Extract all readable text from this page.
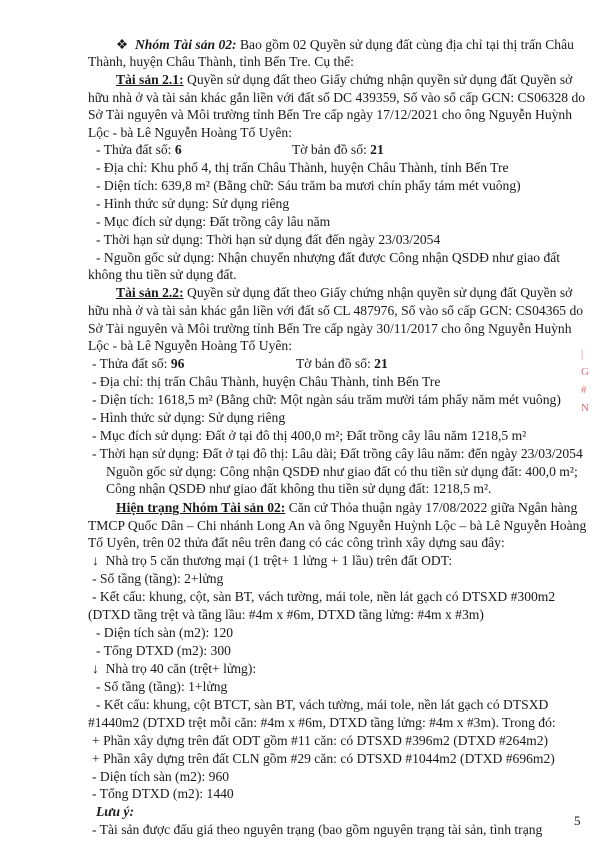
❖ Nhóm Tài sản 02: Bao gồm 02 Quyền sử dụng đất cùng địa chỉ tại thị trấn Châu
Thành, huyện Châu Thành, tỉnh Bến Tre. Cụ thể:
Tài sản 2.1: Quyền sử dụng đất theo Giấy chứng nhận quyền sử dụng đất Quyền sở
hữu nhà ở và tài sản khác gắn liền với đất số DC 439359, Số vào sổ cấp GCN: CS06328 do
Sở Tài nguyên và Môi trường tỉnh Bến Tre cấp ngày 17/12/2021 cho ông Nguyễn Huỳnh
Lộc - bà Lê Nguyễn Hoàng Tố Uyên:
- Thửa đất số: 6	Tờ bản đồ số: 21
- Địa chỉ: Khu phố 4, thị trấn Châu Thành, huyện Châu Thành, tỉnh Bến Tre
- Diện tích: 639,8 m² (Bằng chữ: Sáu trăm ba mươi chín phẩy tám mét vuông)
- Hình thức sử dụng: Sử dụng riêng
- Mục đích sử dụng: Đất trồng cây lâu năm
- Thời hạn sử dụng: Thời hạn sử dụng đất đến ngày 23/03/2054
- Nguồn gốc sử dụng: Nhận chuyển nhượng đất được Công nhận QSDĐ như giao đất
không thu tiền sử dụng đất.
Tài sản 2.2: Quyền sử dụng đất theo Giấy chứng nhận quyền sử dụng đất Quyền sở
hữu nhà ở và tài sản khác gắn liền với đất số CL 487976, Số vào sổ cấp GCN: CS04365 do
Sở Tài nguyên và Môi trường tỉnh Bến Tre cấp ngày 30/11/2017 cho ông Nguyễn Huỳnh
Lộc - bà Lê Nguyễn Hoàng Tố Uyên:
- Thửa đất số: 96	Tờ bản đồ số: 21
- Địa chỉ: thị trấn Châu Thành, huyện Châu Thành, tỉnh Bến Tre
- Diện tích: 1618,5 m² (Bằng chữ: Một ngàn sáu trăm mười tám phẩy năm mét vuông)
- Hình thức sử dụng: Sử dụng riêng
- Mục đích sử dụng: Đất ở tại đô thị 400,0 m²; Đất trồng cây lâu năm 1218,5 m²
- Thời hạn sử dụng: Đất ở tại đô thị: Lâu dài; Đất trồng cây lâu năm: đến ngày 23/03/2054
Nguồn gốc sử dụng: Công nhận QSDĐ như giao đất có thu tiền sử dụng đất: 400,0 m²;
Công nhận QSDĐ như giao đất không thu tiền sử dụng đất: 1218,5 m².
Hiện trạng Nhóm Tài sản 02: Căn cứ Thỏa thuận ngày 17/08/2022 giữa Ngân hàng
TMCP Quốc Dân – Chi nhánh Long An và ông Nguyễn Huỳnh Lộc – bà Lê Nguyễn Hoàng
Tố Uyên, trên 02 thửa đất nêu trên đang có các công trình xây dựng sau đây:
↓ Nhà trọ 5 căn thương mại (1 trệt+ 1 lửng + 1 lầu) trên đất ODT:
- Số tầng (tầng): 2+lửng
- Kết cấu: khung, cột, sàn BT, vách tường, mái tole, nền lát gạch có DTSXD #300m2
(DTXD tầng trệt và tầng lầu: #4m x #6m, DTXD tầng lửng: #4m x #3m)
- Diện tích sàn (m2): 120
- Tổng DTXD (m2): 300
↓ Nhà trọ 40 căn (trệt+ lửng):
- Số tầng (tầng): 1+lửng
- Kết cấu: khung, cột BTCT, sàn BT, vách tường, mái tole, nền lát gạch có DTSXD
#1440m2 (DTXD trệt mỗi căn: #4m x #6m, DTXD tầng lửng: #4m x #3m). Trong đó:
+ Phần xây dựng trên đất ODT gồm #11 căn: có DTSXD #396m2 (DTXD #264m2)
+ Phần xây dựng trên đất CLN gồm #29 căn: có DTSXD #1044m2 (DTXD #696m2)
- Diện tích sàn (m2): 960
- Tổng DTXD (m2): 1440
Lưu ý:
- Tài sản được đấu giá theo nguyên trạng (bao gồm nguyên trạng tài sản, tình trạng
5
|
G
#
N
